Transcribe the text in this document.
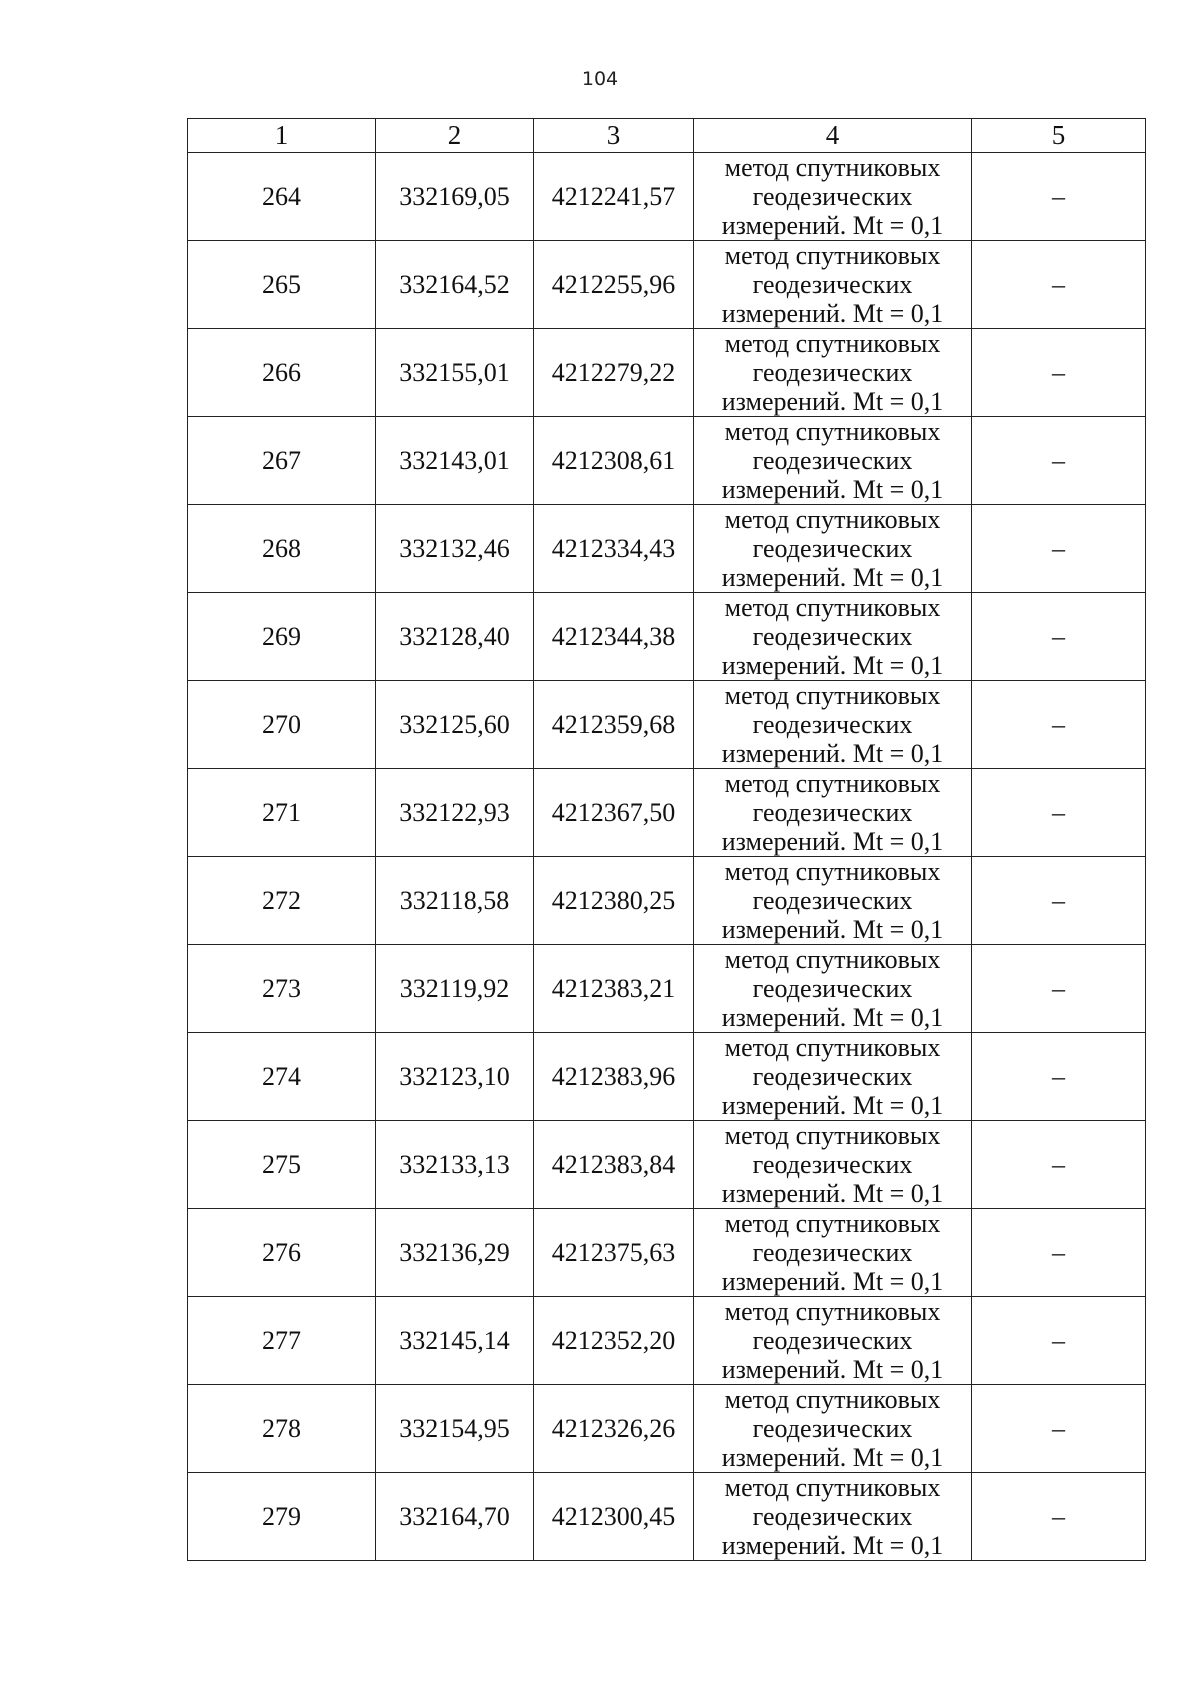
104
1	2	3	4	5
264	332169,05	4212241,57	метод спутниковых
геодезических
измерений. Mt = 0,1	–
265	332164,52	4212255,96	метод спутниковых
геодезических
измерений. Mt = 0,1	–
266	332155,01	4212279,22	метод спутниковых
геодезических
измерений. Mt = 0,1	–
267	332143,01	4212308,61	метод спутниковых
геодезических
измерений. Mt = 0,1	–
268	332132,46	4212334,43	метод спутниковых
геодезических
измерений. Mt = 0,1	–
269	332128,40	4212344,38	метод спутниковых
геодезических
измерений. Mt = 0,1	–
270	332125,60	4212359,68	метод спутниковых
геодезических
измерений. Mt = 0,1	–
271	332122,93	4212367,50	метод спутниковых
геодезических
измерений. Mt = 0,1	–
272	332118,58	4212380,25	метод спутниковых
геодезических
измерений. Mt = 0,1	–
273	332119,92	4212383,21	метод спутниковых
геодезических
измерений. Mt = 0,1	–
274	332123,10	4212383,96	метод спутниковых
геодезических
измерений. Mt = 0,1	–
275	332133,13	4212383,84	метод спутниковых
геодезических
измерений. Mt = 0,1	–
276	332136,29	4212375,63	метод спутниковых
геодезических
измерений. Mt = 0,1	–
277	332145,14	4212352,20	метод спутниковых
геодезических
измерений. Mt = 0,1	–
278	332154,95	4212326,26	метод спутниковых
геодезических
измерений. Mt = 0,1	–
279	332164,70	4212300,45	метод спутниковых
геодезических
измерений. Mt = 0,1	–
